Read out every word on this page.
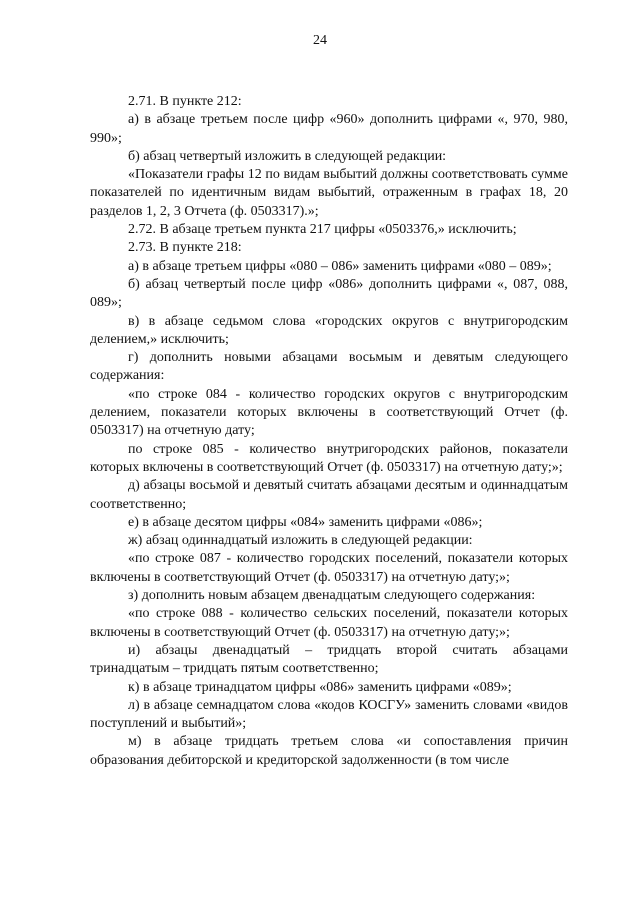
24

2.71. В пункте 212:

а) в абзаце третьем после цифр «960» дополнить цифрами «, 970, 980, 990»;

б) абзац четвертый изложить в следующей редакции:

«Показатели графы 12 по видам выбытий должны соответствовать сумме показателей по идентичным видам выбытий, отраженным в графах 18, 20 разделов 1, 2, 3 Отчета (ф. 0503317).»;

2.72. В абзаце третьем пункта 217 цифры «0503376,» исключить;

2.73. В пункте 218:

а) в абзаце третьем цифры «080 – 086» заменить цифрами «080 – 089»;

б) абзац четвертый после цифр «086» дополнить цифрами «, 087, 088, 089»;

в) в абзаце седьмом слова «городских округов с внутригородским делением,» исключить;

г) дополнить новыми абзацами восьмым и девятым следующего содержания:

«по строке 084 - количество городских округов с внутригородским делением, показатели которых включены в соответствующий Отчет (ф. 0503317) на отчетную дату;

по строке 085 - количество внутригородских районов, показатели которых включены в соответствующий Отчет (ф. 0503317) на отчетную дату;»;

д) абзацы восьмой и девятый считать абзацами десятым и одиннадцатым соответственно;

е) в абзаце десятом цифры «084» заменить цифрами «086»;

ж) абзац одиннадцатый изложить в следующей редакции:

«по строке 087 - количество городских поселений, показатели которых включены в соответствующий Отчет (ф. 0503317) на отчетную дату;»;

з) дополнить новым абзацем двенадцатым следующего содержания:

«по строке 088 - количество сельских поселений, показатели которых включены в соответствующий Отчет (ф. 0503317) на отчетную дату;»;

и) абзацы двенадцатый – тридцать второй считать абзацами тринадцатым – тридцать пятым соответственно;

к) в абзаце тринадцатом цифры «086» заменить цифрами «089»;

л) в абзаце семнадцатом слова «кодов КОСГУ» заменить словами «видов поступлений и выбытий»;

м) в абзаце тридцать третьем слова «и сопоставления причин образования дебиторской и кредиторской задолженности (в том числе
